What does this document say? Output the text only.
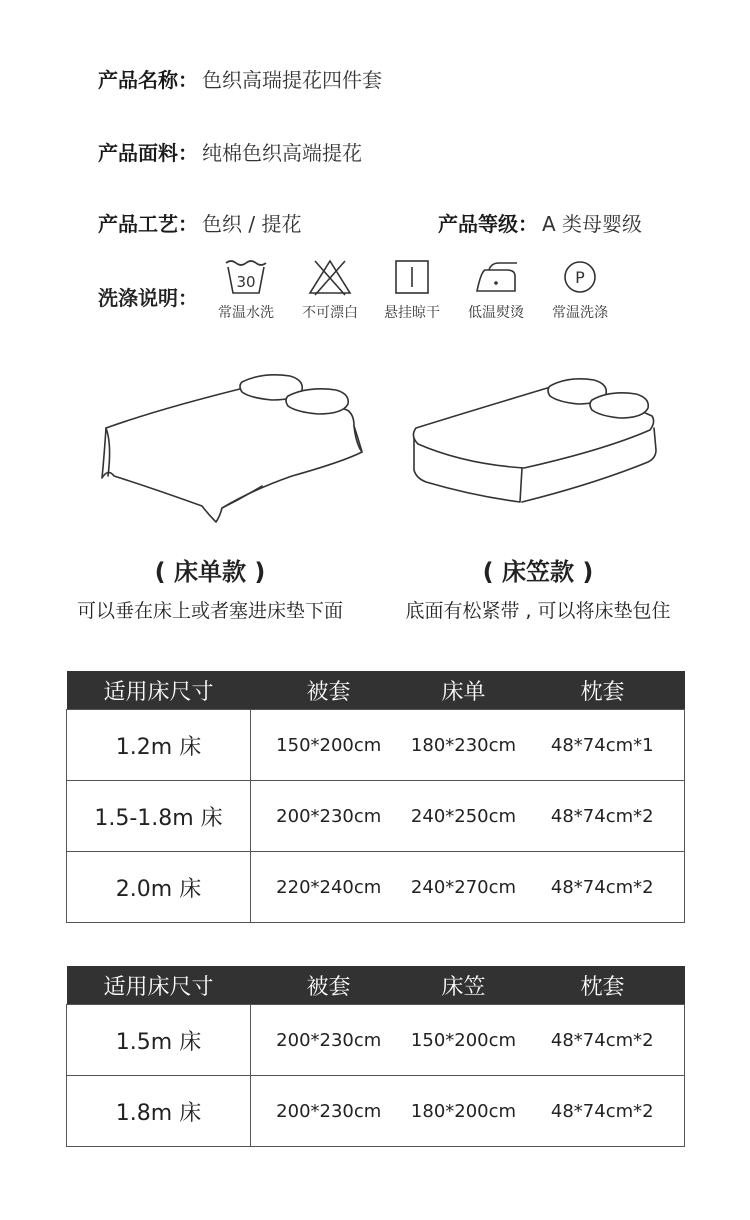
产品名称： 色织高瑞提花四件套
产品面料： 纯棉色织高端提花
产品工艺： 色织 / 提花	产品等级： A 类母婴级
洗涤说明：
30
常温水洗	不可漂白	悬挂晾干	低温熨烫
P
常温洗涤
( 床单款 )
可以垂在床上或者塞进床垫下面
( 床笠款 )
底面有松紧带 , 可以将床垫包住
适用床尺寸	被套	床单	枕套
1.2m 床	150*200cm	180*230cm	48*74cm*1
1.5-1.8m 床	200*230cm	240*250cm	48*74cm*2
2.0m 床	220*240cm	240*270cm	48*74cm*2
适用床尺寸	被套	床笠	枕套
1.5m 床	200*230cm	150*200cm	48*74cm*2
1.8m 床	200*230cm	180*200cm	48*74cm*2
